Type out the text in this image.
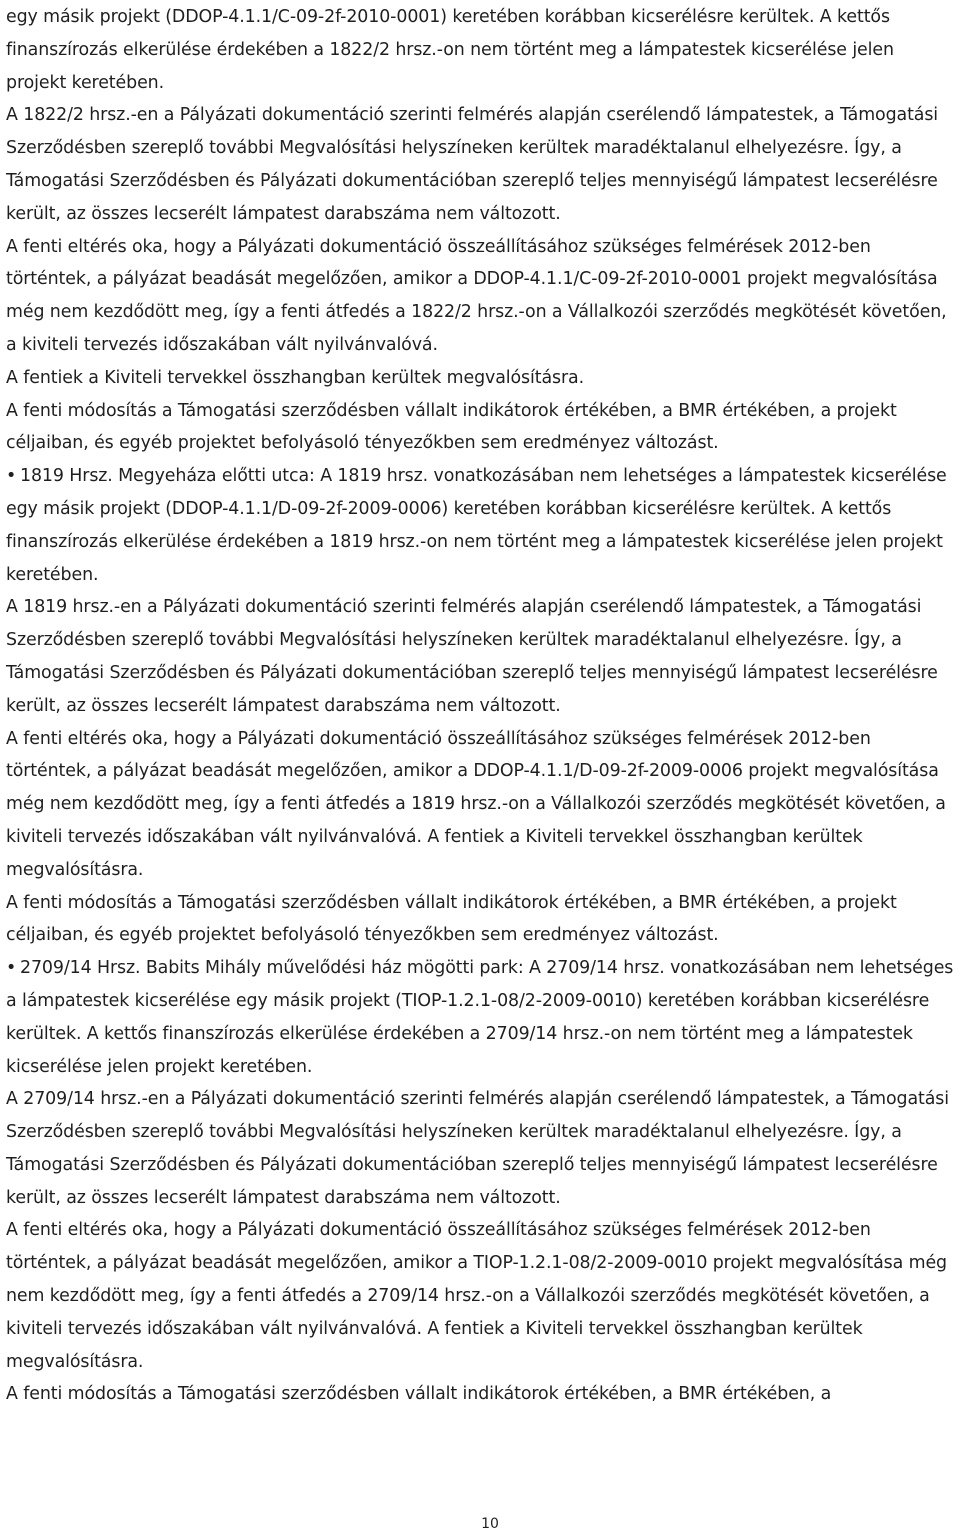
egy másik projekt (DDOP-4.1.1/C-09-2f-2010-0001) keretében korábban kicserélésre kerültek. A kettős finanszírozás elkerülése érdekében a 1822/2 hrsz.-on nem történt meg a lámpatestek kicserélése jelen projekt keretében.

A 1822/2 hrsz.-en a Pályázati dokumentáció szerinti felmérés alapján cserélendő lámpatestek, a Támogatási Szerződésben szereplő további Megvalósítási helyszíneken kerültek maradéktalanul elhelyezésre. Így, a Támogatási Szerződésben és Pályázati dokumentációban szereplő teljes mennyiségű lámpatest lecserélésre került, az összes lecserélt lámpatest darabszáma nem változott.

A fenti eltérés oka, hogy a Pályázati dokumentáció összeállításához szükséges felmérések 2012-ben történtek, a pályázat beadását megelőzően, amikor a DDOP-4.1.1/C-09-2f-2010-0001 projekt megvalósítása még nem kezdődött meg, így a fenti átfedés a 1822/2 hrsz.-on a Vállalkozói szerződés megkötését követően, a kiviteli tervezés időszakában vált nyilvánvalóvá.

A fentiek a Kiviteli tervekkel összhangban kerültek megvalósításra.

A fenti módosítás a Támogatási szerződésben vállalt indikátorok értékében, a BMR értékében, a projekt céljaiban, és egyéb projektet befolyásoló tényezőkben sem eredményez változást.

• 1819 Hrsz. Megyeháza előtti utca: A 1819 hrsz. vonatkozásában nem lehetséges a lámpatestek kicserélése egy másik projekt (DDOP-4.1.1/D-09-2f-2009-0006) keretében korábban kicserélésre kerültek. A kettős finanszírozás elkerülése érdekében a 1819 hrsz.-on nem történt meg a lámpatestek kicserélése jelen projekt keretében.

A 1819 hrsz.-en a Pályázati dokumentáció szerinti felmérés alapján cserélendő lámpatestek, a Támogatási Szerződésben szereplő további Megvalósítási helyszíneken kerültek maradéktalanul elhelyezésre. Így, a Támogatási Szerződésben és Pályázati dokumentációban szereplő teljes mennyiségű lámpatest lecserélésre került, az összes lecserélt lámpatest darabszáma nem változott.

A fenti eltérés oka, hogy a Pályázati dokumentáció összeállításához szükséges felmérések 2012-ben történtek, a pályázat beadását megelőzően, amikor a DDOP-4.1.1/D-09-2f-2009-0006 projekt megvalósítása még nem kezdődött meg, így a fenti átfedés a 1819 hrsz.-on a Vállalkozói szerződés megkötését követően, a kiviteli tervezés időszakában vált nyilvánvalóvá. A fentiek a Kiviteli tervekkel összhangban kerültek megvalósításra.

A fenti módosítás a Támogatási szerződésben vállalt indikátorok értékében, a BMR értékében, a projekt céljaiban, és egyéb projektet befolyásoló tényezőkben sem eredményez változást.

• 2709/14 Hrsz. Babits Mihály művelődési ház mögötti park: A 2709/14 hrsz. vonatkozásában nem lehetséges a lámpatestek kicserélése egy másik projekt (TIOP-1.2.1-08/2-2009-0010) keretében korábban kicserélésre kerültek. A kettős finanszírozás elkerülése érdekében a 2709/14 hrsz.-on nem történt meg a lámpatestek kicserélése jelen projekt keretében.

A 2709/14 hrsz.-en a Pályázati dokumentáció szerinti felmérés alapján cserélendő lámpatestek, a Támogatási Szerződésben szereplő további Megvalósítási helyszíneken kerültek maradéktalanul elhelyezésre. Így, a Támogatási Szerződésben és Pályázati dokumentációban szereplő teljes mennyiségű lámpatest lecserélésre került, az összes lecserélt lámpatest darabszáma nem változott.

A fenti eltérés oka, hogy a Pályázati dokumentáció összeállításához szükséges felmérések 2012-ben történtek, a pályázat beadását megelőzően, amikor a TIOP-1.2.1-08/2-2009-0010 projekt megvalósítása még nem kezdődött meg, így a fenti átfedés a 2709/14 hrsz.-on a Vállalkozói szerződés megkötését követően, a kiviteli tervezés időszakában vált nyilvánvalóvá. A fentiek a Kiviteli tervekkel összhangban kerültek megvalósításra.

A fenti módosítás a Támogatási szerződésben vállalt indikátorok értékében, a BMR értékében, a

10
